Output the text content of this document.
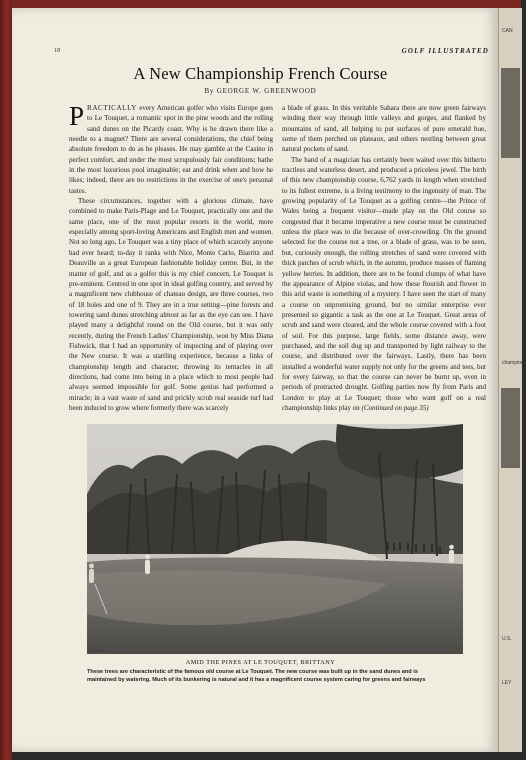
CAN
champions
U.S.
LEY
18	GOLF ILLUSTRATED
A New Championship French Course
By GEORGE W. GREENWOOD

PRACTICALLY every American golfer who visits Europe goes to Le Touquet, a romantic spot in the pine woods and the rolling sand dunes on the Picardy coast. Why is he drawn there like a needle to a magnet? There are several considerations, the chief being absolute freedom to do as he pleases. He may gamble at the Casino in perfect comfort, and under the most scrupulously fair conditions; bathe in the most luxurious pool imaginable; eat and drink when and how he likes; indeed, there are no restrictions in the exercise of one's personal tastes.

These circumstances, together with a glorious climate, have combined to make Paris-Plage and Le Touquet, practically one and the same place, one of the most popular resorts in the world, more especially among sport-loving Americans and English men and women. Not so long ago, Le Touquet was a tiny place of which scarcely anyone had ever heard; to-day it ranks with Nice, Monte Carlo, Biarritz and Deauville as a great European fashionable holiday centre. But, in the matter of golf, and as a golfer this is my chief concern, Le Touquet is pre-eminent. Centred in one spot in ideal golfing country, and served by a magnificent new clubhouse of chateau design, are three courses, two of 18 holes and one of 9. They are in a true setting—pine forests and towering sand dunes stretching almost as far as the eye can see. I have played many a delightful round on the Old course, but it was only recently, during the French Ladies' Championship, won by Miss Diana Fishwick, that I had an opportunity of inspecting and of playing over the New course. It was a startling experience, because a links of championship length and character, throwing its tentacles in all directions, had come into being in a place which to most people had always seemed impossible for golf. Some genius had performed a miracle; in a vast waste of sand and prickly scrub real seaside turf had been induced to grow where formerly there was scarcely

a blade of grass. In this veritable Sahara there are now green fairways winding their way through little valleys and gorges, and flanked by mountains of sand, all helping to put surfaces of pure emerald hue, some of them perched on plateaux, and others nestling between great natural pockets of sand.

The hand of a magician has certainly been waited over this hitherto tractless and waterless desert, and produced a priceless jewel. The birth of this new championship course, 6,762 yards in length when stretched to its fullest extreme, is a living testimony to the ingenuity of man. The growing popularity of Le Touquet as a golfing centre—the Prince of Wales being a frequent visitor—made play on the Old course so congested that it became imperative a new course must be constructed unless the place was to die because of over-crowding. On the ground selected for the course not a tree, or a blade of grass, was to be seen, but, curiously enough, the rolling stretches of sand were covered with thick patches of scrub which, in the autumn, produce masses of flaming yellow berries. In addition, there are to be found clumps of what have the appearance of Alpine violas, and how these flourish and flower in this arid waste is something of a mystery. I have seen the start of many a course on unpromising ground, but no similar enterprise ever presented so gigantic a task as the one at Le Touquet. Great areas of scrub and sand were cleared, and the whole course covered with a foot of soil. For this purpose, large fields, some distance away, were purchased, and the soil dug up and transported by light railway to the course, and distributed over the fairways. Lastly, there has been installed a wonderful water supply not only for the greens and tees, but for every fairway, so that the course can never be burnt up, even in periods of protracted drought. Golfing parties now fly from Paris and London to play at Le Touquet; those who want golf on a real championship links play on (Continued on page 35)

A. Vivien
AMID THE PINES AT LE TOUQUET, BRITTANY
These trees are characteristic of the famous old course at Le Touquet. The new course was built up in the sand dunes and is
maintained by watering. Much of its bunkering is natural and it has a magnificent course system caring for greens and fairways
